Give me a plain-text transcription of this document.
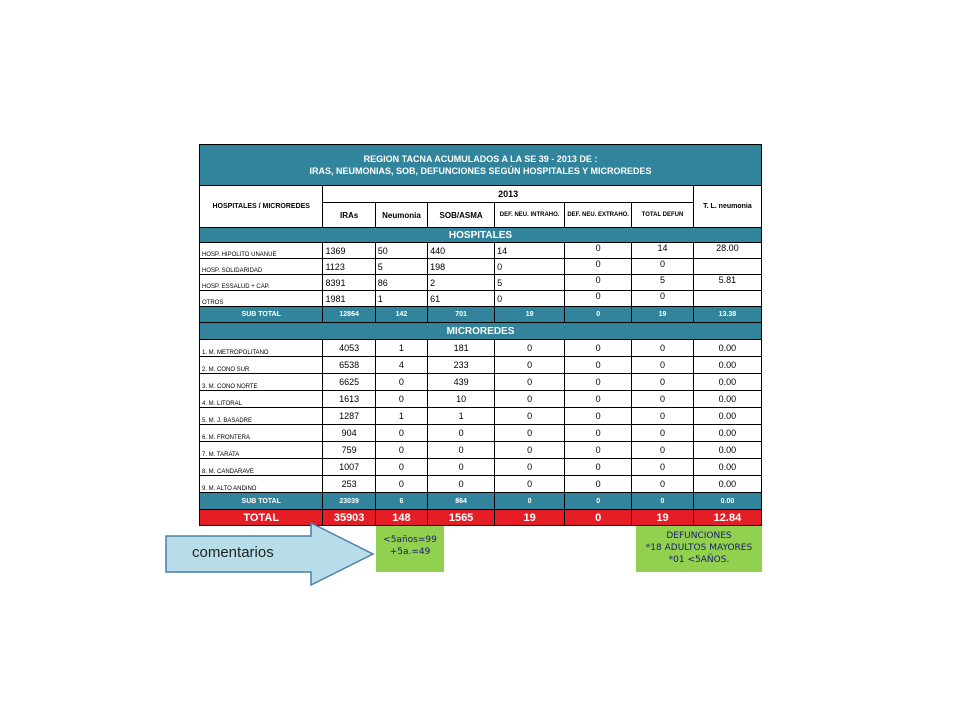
REGION TACNA ACUMULADOS A LA SE 39 - 2013 DE :
IRAS, NEUMONIAS, SOB, DEFUNCIONES SEGÚN HOSPITALES Y MICROREDES							

HOSPITALES / MICROREDES	2013						T. L. neumonia
	IRAs	Neumonia	SOB/ASMA	DEF. NEU. INTRAHO.	DEF. NEU. EXTRAHO.	TOTAL DEFUN	
HOSPITALES							
HOSP. HIPOLITO UNANUE	1369	50	440	14	0	14	28.00
HOSP. SOLIDARIDAD	1123	5	198	0	0	0	
HOSP. ESSALUD + CAP.	8391	86	2	5	0	5	5.81
OTROS	1981	1	61	0	0	0	
SUB TOTAL	12864	142	701	19	0	19	13.38
MICROREDES							
1. M. METROPOLITANO	4053	1	181	0	0	0	0.00
2. M. CONO SUR	6538	4	233	0	0	0	0.00
3. M. CONO NORTE	6625	0	439	0	0	0	0.00
4. M. LITORAL	1613	0	10	0	0	0	0.00
5. M. J. BASADRE	1287	1	1	0	0	0	0.00
6. M. FRONTERA	904	0	0	0	0	0	0.00
7. M. TARATA	759	0	0	0	0	0	0.00
8. M. CANDARAVE	1007	0	0	0	0	0	0.00
9. M. ALTO ANDINO	253	0	0	0	0	0	0.00
SUB TOTAL	23039	6	864	0	0	0	0.00
TOTAL	35903	148	1565	19	0	19	12.84
comentarios
<5años=99
+5a.=49
DEFUNCIONES
*18 ADULTOS MAYORES
*01 <5AÑOS.
